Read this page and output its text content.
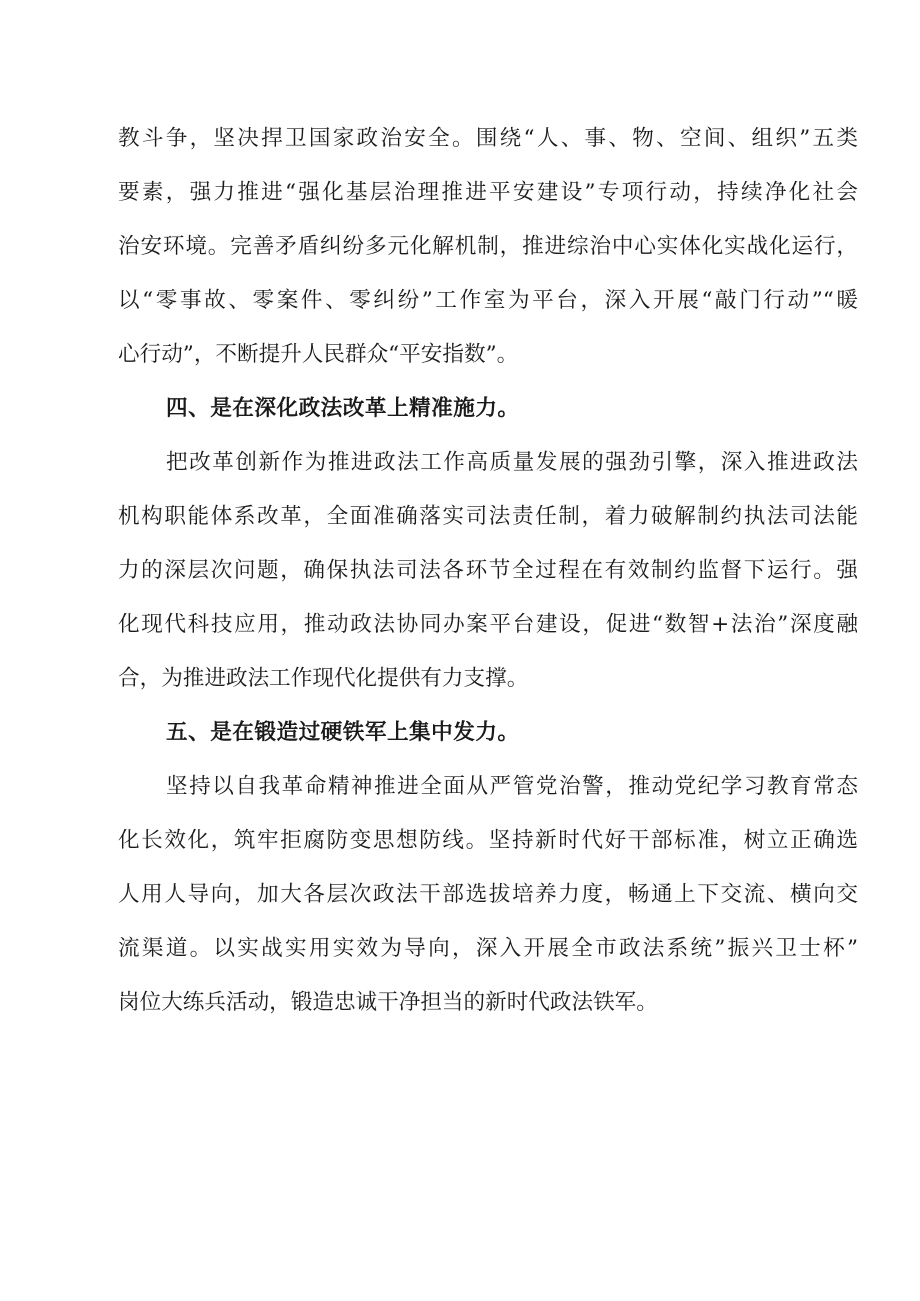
教斗争，坚决捍卫国家政治安全。围绕“人、事、物、空间、组织”五类
要素，强力推进“强化基层治理推进平安建设”专项行动，持续净化社会
治安环境。完善矛盾纠纷多元化解机制，推进综治中心实体化实战化运行，
以“零事故、零案件、零纠纷”工作室为平台，深入开展“敲门行动”“暖
心行动”，不断提升人民群众“平安指数”。
四、是在深化政法改革上精准施力。
把改革创新作为推进政法工作高质量发展的强劲引擎，深入推进政法
机构职能体系改革，全面准确落实司法责任制，着力破解制约执法司法能
力的深层次问题，确保执法司法各环节全过程在有效制约监督下运行。强
化现代科技应用，推动政法协同办案平台建设，促进“数智+法治”深度融
合，为推进政法工作现代化提供有力支撑。
五、是在锻造过硬铁军上集中发力。
坚持以自我革命精神推进全面从严管党治警，推动党纪学习教育常态
化长效化，筑牢拒腐防变思想防线。坚持新时代好干部标准，树立正确选
人用人导向，加大各层次政法干部选拔培养力度，畅通上下交流、横向交
流渠道。以实战实用实效为导向，深入开展全市政法系统”振兴卫士杯”
岗位大练兵活动，锻造忠诚干净担当的新时代政法铁军。
